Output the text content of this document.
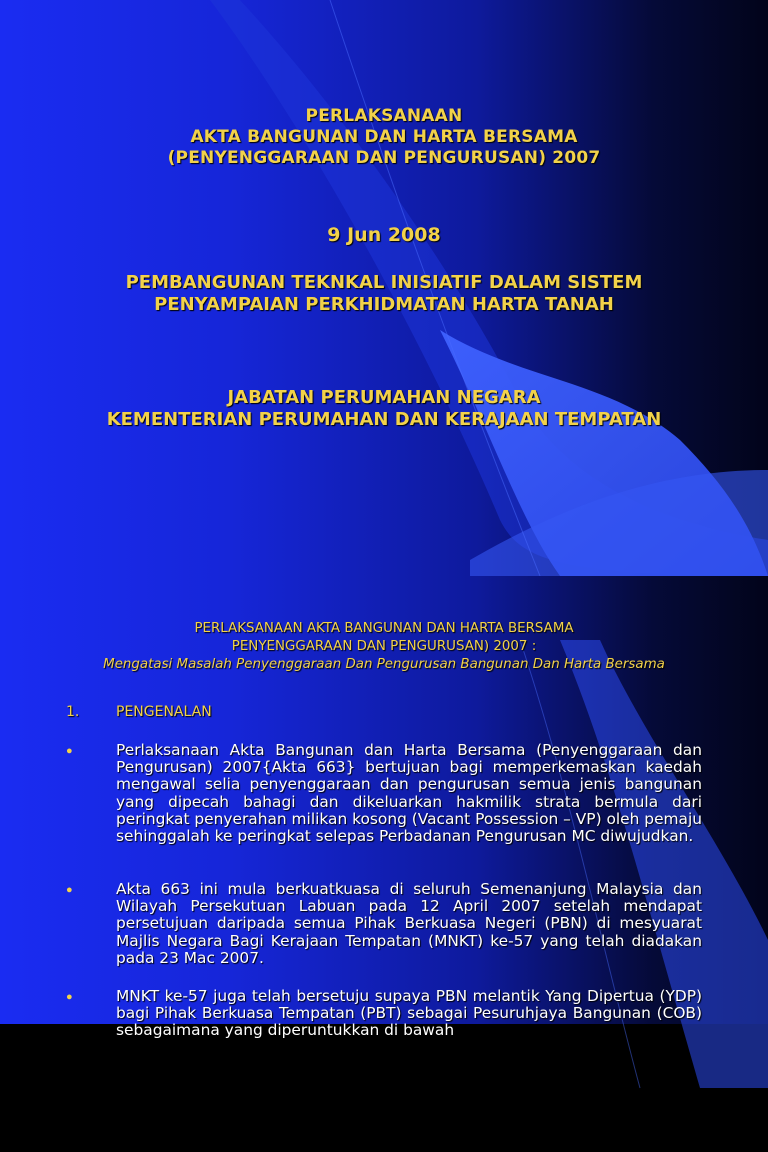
PERLAKSANAAN
AKTA BANGUNAN DAN HARTA BERSAMA
(PENYENGGARAAN DAN PENGURUSAN) 2007
9 Jun 2008
PEMBANGUNAN TEKNKAL INISIATIF DALAM SISTEM
PENYAMPAIAN PERKHIDMATAN HARTA TANAH
JABATAN PERUMAHAN NEGARA
KEMENTERIAN PERUMAHAN DAN KERAJAAN TEMPATAN
PERLAKSANAAN AKTA BANGUNAN DAN HARTA BERSAMA
PENYENGGARAAN DAN PENGURUSAN) 2007 :
Mengatasi Masalah Penyenggaraan Dan Pengurusan Bangunan Dan Harta Bersama
1.	PENGENALAN
●	Perlaksanaan Akta Bangunan dan Harta Bersama (Penyenggaraan dan Pengurusan) 2007{Akta 663} bertujuan bagi memperkemaskan kaedah mengawal selia penyenggaraan dan pengurusan semua jenis bangunan yang dipecah bahagi dan dikeluarkan hakmilik strata bermula dari peringkat penyerahan milikan kosong (Vacant Possession – VP) oleh pemaju sehinggalah ke peringkat selepas Perbadanan Pengurusan MC diwujudkan.
●	Akta 663 ini mula berkuatkuasa di seluruh Semenanjung Malaysia dan Wilayah Persekutuan Labuan pada 12 April 2007 setelah mendapat persetujuan daripada semua Pihak Berkuasa Negeri (PBN) di mesyuarat Majlis Negara Bagi Kerajaan Tempatan (MNKT) ke-57 yang telah diadakan pada 23 Mac 2007.
●	MNKT ke-57 juga telah bersetuju supaya PBN melantik Yang Dipertua (YDP) bagi Pihak Berkuasa Tempatan (PBT) sebagai Pesuruhjaya Bangunan (COB) sebagaimana yang diperuntukkan di bawah
